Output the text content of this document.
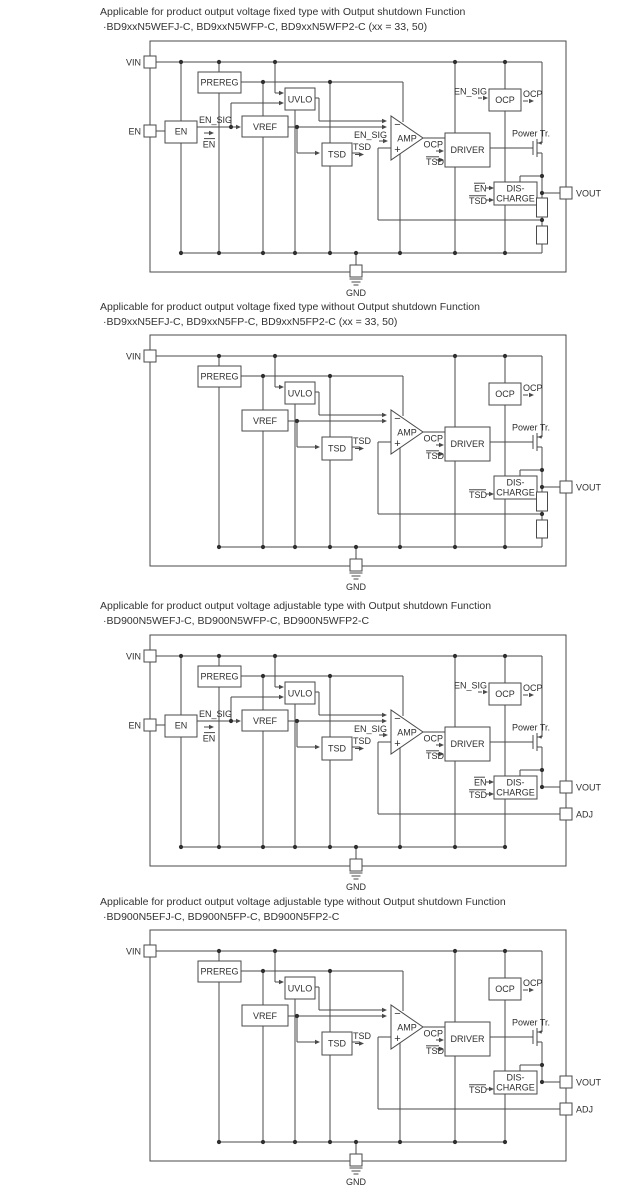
Applicable for product output voltage fixed type with Output shutdown Function
·BD9xxN5WEFJ-C, BD9xxN5WFP-C, BD9xxN5WFP2-C (xx = 33, 50)
Applicable for product output voltage fixed type without Output shutdown Function
·BD9xxN5EFJ-C, BD9xxN5FP-C, BD9xxN5FP2-C (xx = 33, 50)
Applicable for product output voltage adjustable type with Output shutdown Function
·BD900N5WEFJ-C, BD900N5WFP-C, BD900N5WFP2-C
Applicable for product output voltage adjustable type without Output shutdown Function
·BD900N5EFJ-C, BD900N5FP-C, BD900N5FP2-C
VIN
VOUT
GND
EN
PREREG
UVLO
VREF
TSD
EN
AMP
−
+	DRIVER
OCP
DIS-
CHARGE
TSD	OCP
TSD
OCP
Power Tr.
TSD
EN_SIG
EN
EN_SIG
EN_SIG
EN
VIN
VOUT
GND
PREREG
UVLO
VREF
TSD
AMP
−
+	DRIVER
OCP
DIS-
CHARGE
TSD	OCP
TSD
OCP
Power Tr.
TSD
VIN
VOUT
GND
ADJ
EN
PREREG
UVLO
VREF
TSD
EN
AMP
−
+	DRIVER
OCP
DIS-
CHARGE
TSD	OCP
TSD
OCP
Power Tr.
TSD
EN_SIG
EN
EN_SIG
EN_SIG
EN
VIN
VOUT
GND
ADJ
PREREG
UVLO
VREF
TSD
AMP
−
+	DRIVER
OCP
DIS-
CHARGE
TSD	OCP
TSD
OCP
Power Tr.
TSD
